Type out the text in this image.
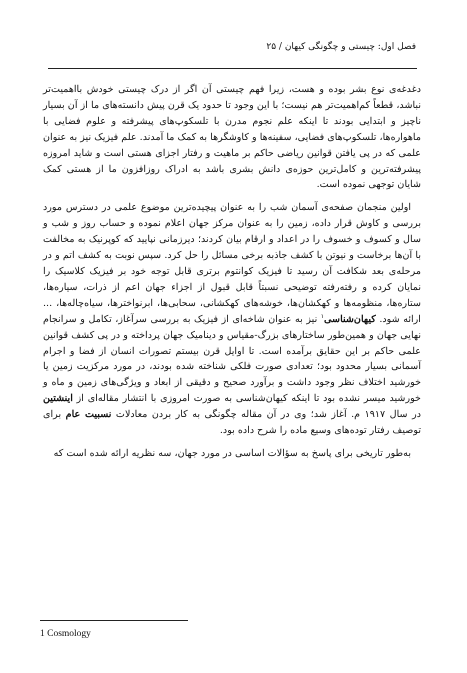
فصل اول: چیستی و چگونگی کیهان / ۲۵

دغدغه‌ی نوع بشر بوده و هست، زیرا فهم چیستی آن اگر از درک چیستی خودش بااهمیت‌تر نباشد، قطعاً کم‌اهمیت‌تر هم نیست؛ با این وجود تا حدود یک قرن پیش دانسته‌های ما از آن بسیار ناچیز و ابتدایی بودند تا اینکه علم نجوم مدرن با تلسکوپ‌های پیشرفته و علوم فضایی با ماهواره‌ها، تلسکوپ‌های فضایی، سفینه‌ها و کاوشگرها به کمک ما آمدند. علم فیزیک نیز به عنوان علمی که در پی یافتن قوانین ریاضی حاکم بر ماهیت و رفتار اجزای هستی است و شاید امروزه پیشرفته‌ترین و کامل‌ترین حوزه‌ی دانش بشری باشد به ادراک روزافزون ما از هستی کمک شایان توجهی نموده است.

اولین منجمان صفحه‌ی آسمان شب را به عنوان پیچیده‌ترین موضوع علمی در دسترس مورد بررسی و کاوش قرار داده، زمین را به عنوان مرکز جهان اعلام نموده و حساب روز و شب و سال و کسوف و خسوف را در اعداد و ارقام بیان کردند؛ دیرزمانی نپایید که کوپرنیک به مخالفت با آن‌ها برخاست و نیوتن با کشف جاذبه برخی مسائل را حل کرد. سپس نوبت به کشف اتم و در مرحله‌ی بعد شکافت آن رسید تا فیزیک کوانتوم برتری قابل توجه خود بر فیزیک کلاسیک را نمایان کرده و رفته‌رفته توضیحی نسبتاً قابل قبول از اجزاء جهان اعم از ذرات، سیاره‌ها، ستاره‌ها، منظومه‌ها و کهکشان‌ها، خوشه‌های کهکشانی، سحابی‌ها، ابرنواخترها، سیاه‌چاله‌ها، ... ارائه شود. کیهان‌شناسی$^۱$ نیز به عنوان شاخه‌ای از فیزیک به بررسی سرآغاز، تکامل و سرانجام نهایی جهان و همین‌طور ساختارهای بزرگ-مقیاس و دینامیک جهان پرداخته و در پی کشف قوانین علمی حاکم بر این حقایق برآمده است. تا اوایل قرن بیستم تصورات انسان از فضا و اجرام آسمانی بسیار محدود بود؛ تعدادی صورت فلکی شناخته شده بودند، در مورد مرکزیت زمین یا خورشید اختلاف نظر وجود داشت و برآورد صحیح و دقیقی از ابعاد و ویژگی‌های زمین و ماه و خورشید میسر نشده بود تا اینکه کیهان‌شناسی به صورت امروزی با انتشار مقاله‌ای از اینشتین در سال ۱۹۱۷ م. آغاز شد؛ وی در آن مقاله چگونگی به کار بردن معادلات نسبیت عام برای توصیف رفتار توده‌های وسیع ماده را شرح داده بود.

به‌طور تاریخی برای پاسخ به سؤالات اساسی در مورد جهان، سه نظریه ارائه شده است که

1 Cosmology
